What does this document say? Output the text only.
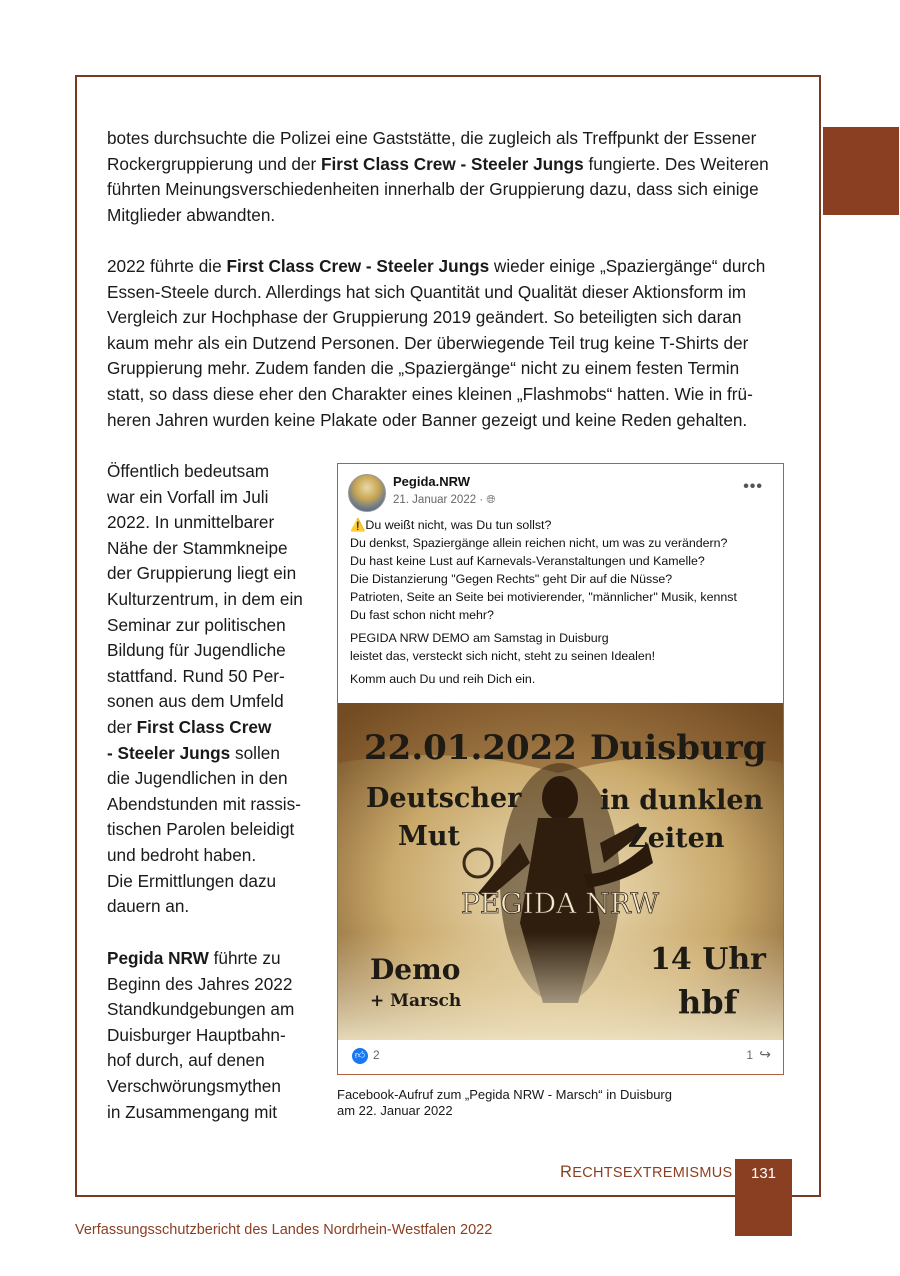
botes durchsuchte die Polizei eine Gaststätte, die zugleich als Treffpunkt der Essener
Rockergruppierung und der First Class Crew - Steeler Jungs fungierte. Des Weiteren
führten Meinungsverschiedenheiten innerhalb der Gruppierung dazu, dass sich einige
Mitglieder abwandten.

2022 führte die First Class Crew - Steeler Jungs wieder einige „Spaziergänge“ durch
Essen-Steele durch. Allerdings hat sich Quantität und Qualität dieser Aktionsform im
Vergleich zur Hochphase der Gruppierung 2019 geändert. So beteiligten sich daran
kaum mehr als ein Dutzend Personen. Der überwiegende Teil trug keine T-Shirts der
Gruppierung mehr. Zudem fanden die „Spaziergänge“ nicht zu einem festen Termin
statt, so dass diese eher den Charakter eines kleinen „Flashmobs“ hatten. Wie in frü-
heren Jahren wurden keine Plakate oder Banner gezeigt und keine Reden gehalten.

Öffentlich bedeutsam
war ein Vorfall im Juli
2022. In unmittelbarer
Nähe der Stammkneipe
der Gruppierung liegt ein
Kulturzentrum, in dem ein
Seminar zur politischen
Bildung für Jugendliche
stattfand. Rund 50 Per-
sonen aus dem Umfeld
der First Class Crew
- Steeler Jungs sollen
die Jugendlichen in den
Abendstunden mit rassis-
tischen Parolen beleidigt
und bedroht haben.
Die Ermittlungen dazu
dauern an.

Pegida NRW führte zu
Beginn des Jahres 2022
Standkundgebungen am
Duisburger Hauptbahn-
hof durch, auf denen
Verschwörungsmythen
in Zusammengang mit

Pegida.NRW
21. Januar 2022 · 🌐︎
•••
⚠️Du weißt nicht, was Du tun sollst?
Du denkst, Spaziergänge allein reichen nicht, um was zu verändern?
Du hast keine Lust auf Karnevals-Veranstaltungen und Kamelle?
Die Distanzierung "Gegen Rechts" geht Dir auf die Nüsse?
Patrioten, Seite an Seite bei motivierender, "männlicher" Musik, kennst
Du fast schon nicht mehr?
PEGIDA NRW DEMO am Samstag in Duisburg
leistet das, versteckt sich nicht, steht zu seinen Idealen!
Komm auch Du und reih Dich ein.
22.01.2022 Duisburg
Deutscher
Mut
in dunklen
Zeiten
PEGIDA NRW
Demo
+ Marsch
14 Uhr
hbf
👍︎ 2	1 ↪
Facebook-Aufruf zum „Pegida NRW - Marsch“ in Duisburg
am 22. Januar 2022
RECHTSEXTREMISMUS	131
Verfassungsschutzbericht des Landes Nordrhein-Westfalen 2022
